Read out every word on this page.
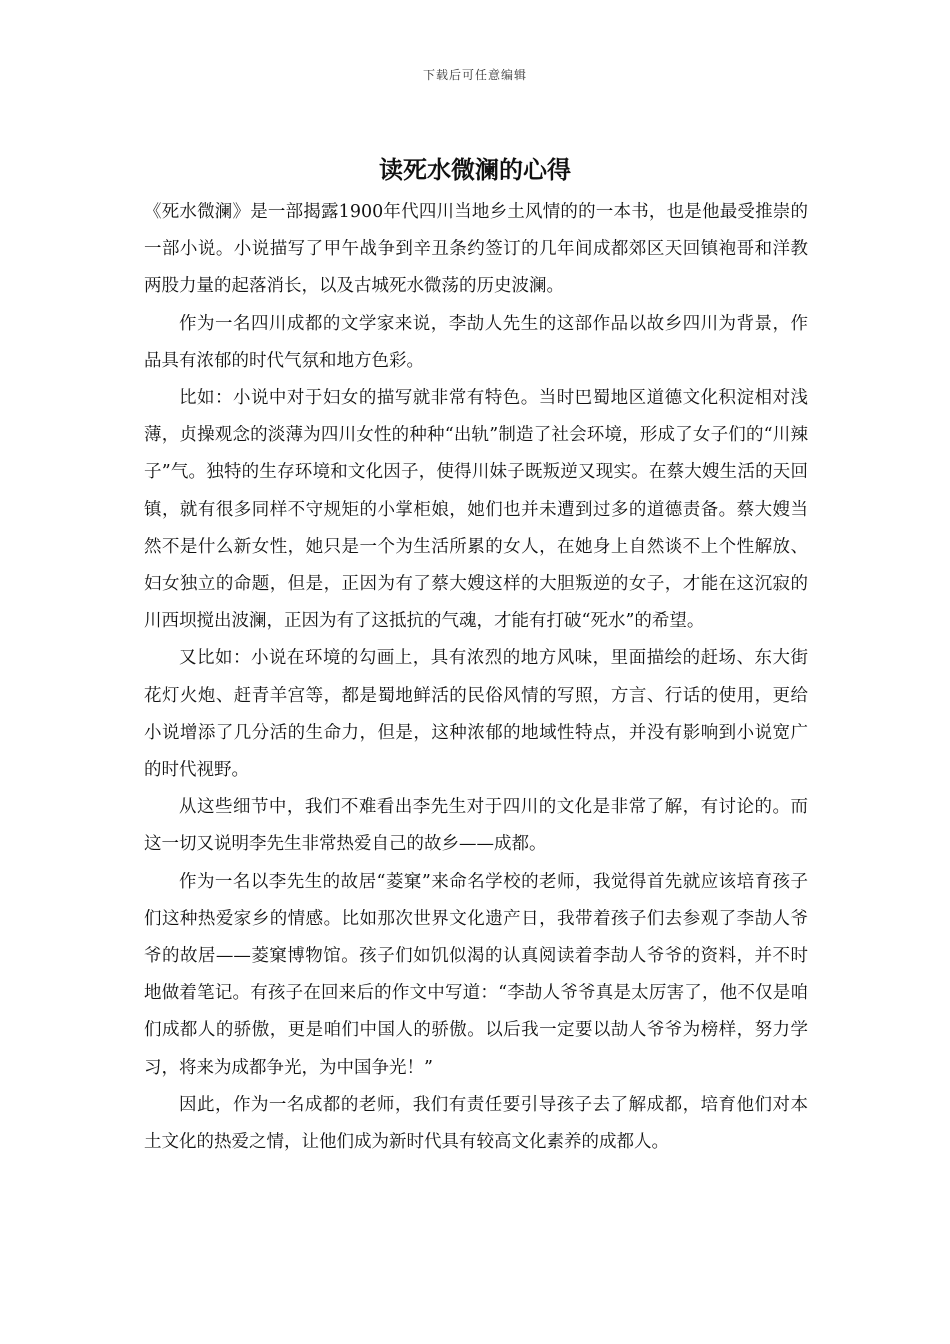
下载后可任意编辑
读死水微澜的心得

《死水微澜》是一部揭露1900年代四川当地乡土风情的的一本书，也是他最受推崇的一部小说。小说描写了甲午战争到辛丑条约签订的几年间成都郊区天回镇袍哥和洋教两股力量的起落消长，以及古城死水微荡的历史波澜。

作为一名四川成都的文学家来说，李劼人先生的这部作品以故乡四川为背景，作品具有浓郁的时代气氛和地方色彩。

比如：小说中对于妇女的描写就非常有特色。当时巴蜀地区道德文化积淀相对浅薄，贞操观念的淡薄为四川女性的种种“出轨”制造了社会环境，形成了女子们的“川辣子”气。独特的生存环境和文化因子，使得川妹子既叛逆又现实。在蔡大嫂生活的天回镇，就有很多同样不守规矩的小掌柜娘，她们也并未遭到过多的道德责备。蔡大嫂当然不是什么新女性，她只是一个为生活所累的女人，在她身上自然谈不上个性解放、妇女独立的命题，但是，正因为有了蔡大嫂这样的大胆叛逆的女子，才能在这沉寂的川西坝搅出波澜，正因为有了这抵抗的气魂，才能有打破“死水”的希望。

又比如：小说在环境的勾画上，具有浓烈的地方风味，里面描绘的赶场、东大街花灯火炮、赶青羊宫等，都是蜀地鲜活的民俗风情的写照，方言、行话的使用，更给小说增添了几分活的生命力，但是，这种浓郁的地域性特点，并没有影响到小说宽广的时代视野。

从这些细节中，我们不难看出李先生对于四川的文化是非常了解，有讨论的。而这一切又说明李先生非常热爱自己的故乡——成都。

作为一名以李先生的故居“菱窠”来命名学校的老师，我觉得首先就应该培育孩子们这种热爱家乡的情感。比如那次世界文化遗产日，我带着孩子们去参观了李劼人爷爷的故居——菱窠博物馆。孩子们如饥似渴的认真阅读着李劼人爷爷的资料，并不时地做着笔记。有孩子在回来后的作文中写道：“李劼人爷爷真是太厉害了，他不仅是咱们成都人的骄傲，更是咱们中国人的骄傲。以后我一定要以劼人爷爷为榜样，努力学习，将来为成都争光，为中国争光！”

因此，作为一名成都的老师，我们有责任要引导孩子去了解成都，培育他们对本土文化的热爱之情，让他们成为新时代具有较高文化素养的成都人。
